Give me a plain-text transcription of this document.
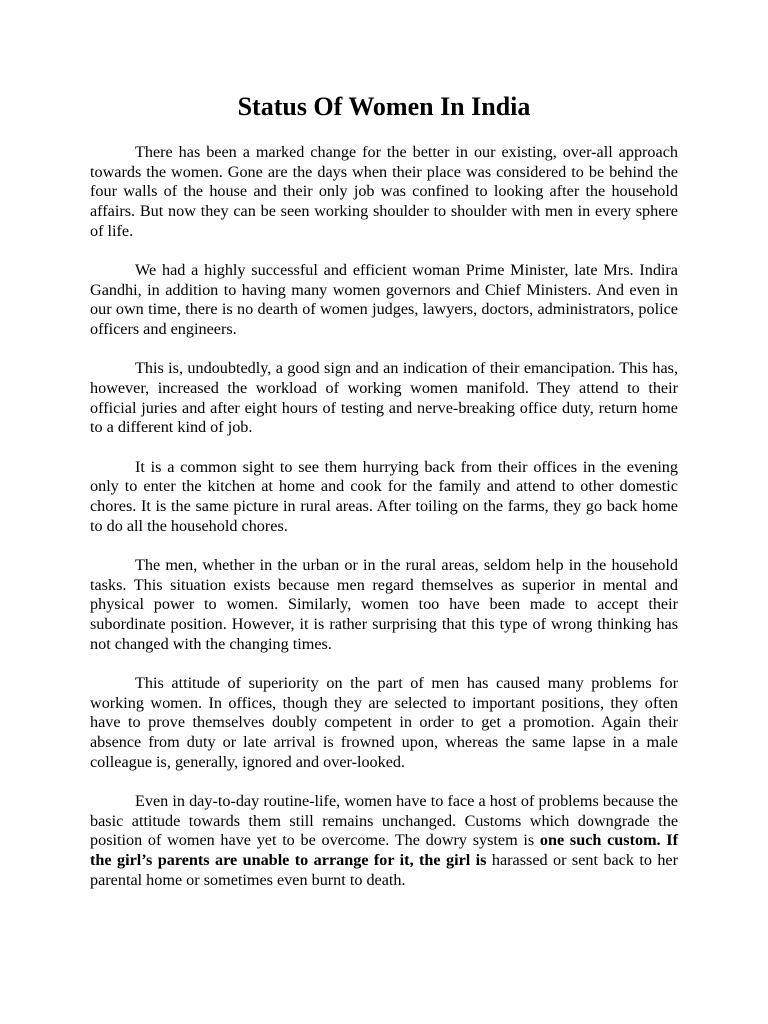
Status Of Women In India

There has been a marked change for the better in our existing, over-all approach towards the women. Gone are the days when their place was considered to be behind the four walls of the house and their only job was confined to looking after the household affairs. But now they can be seen working shoulder to shoulder with men in every sphere of life.

We had a highly successful and efficient woman Prime Minister, late Mrs. Indira Gandhi, in addition to having many women governors and Chief Ministers. And even in our own time, there is no dearth of women judges, lawyers, doctors, administrators, police officers and engineers.

This is, undoubtedly, a good sign and an indication of their emancipation. This has, however, increased the workload of working women manifold. They attend to their official juries and after eight hours of testing and nerve-breaking office duty, return home to a different kind of job.

It is a common sight to see them hurrying back from their offices in the evening only to enter the kitchen at home and cook for the family and attend to other domestic chores. It is the same picture in rural areas. After toiling on the farms, they go back home to do all the household chores.

The men, whether in the urban or in the rural areas, seldom help in the household tasks. This situation exists because men regard themselves as superior in mental and physical power to women. Similarly, women too have been made to accept their subordinate position. However, it is rather surprising that this type of wrong thinking has not changed with the changing times.

This attitude of superiority on the part of men has caused many problems for working women. In offices, though they are selected to important positions, they often have to prove themselves doubly competent in order to get a promotion. Again their absence from duty or late arrival is frowned upon, whereas the same lapse in a male colleague is, generally, ignored and over-looked.

Even in day-to-day routine-life, women have to face a host of problems because the basic attitude towards them still remains unchanged. Customs which downgrade the position of women have yet to be overcome. The dowry system is one such custom. If the girl’s parents are unable to arrange for it, the girl is harassed or sent back to her parental home or sometimes even burnt to death.
